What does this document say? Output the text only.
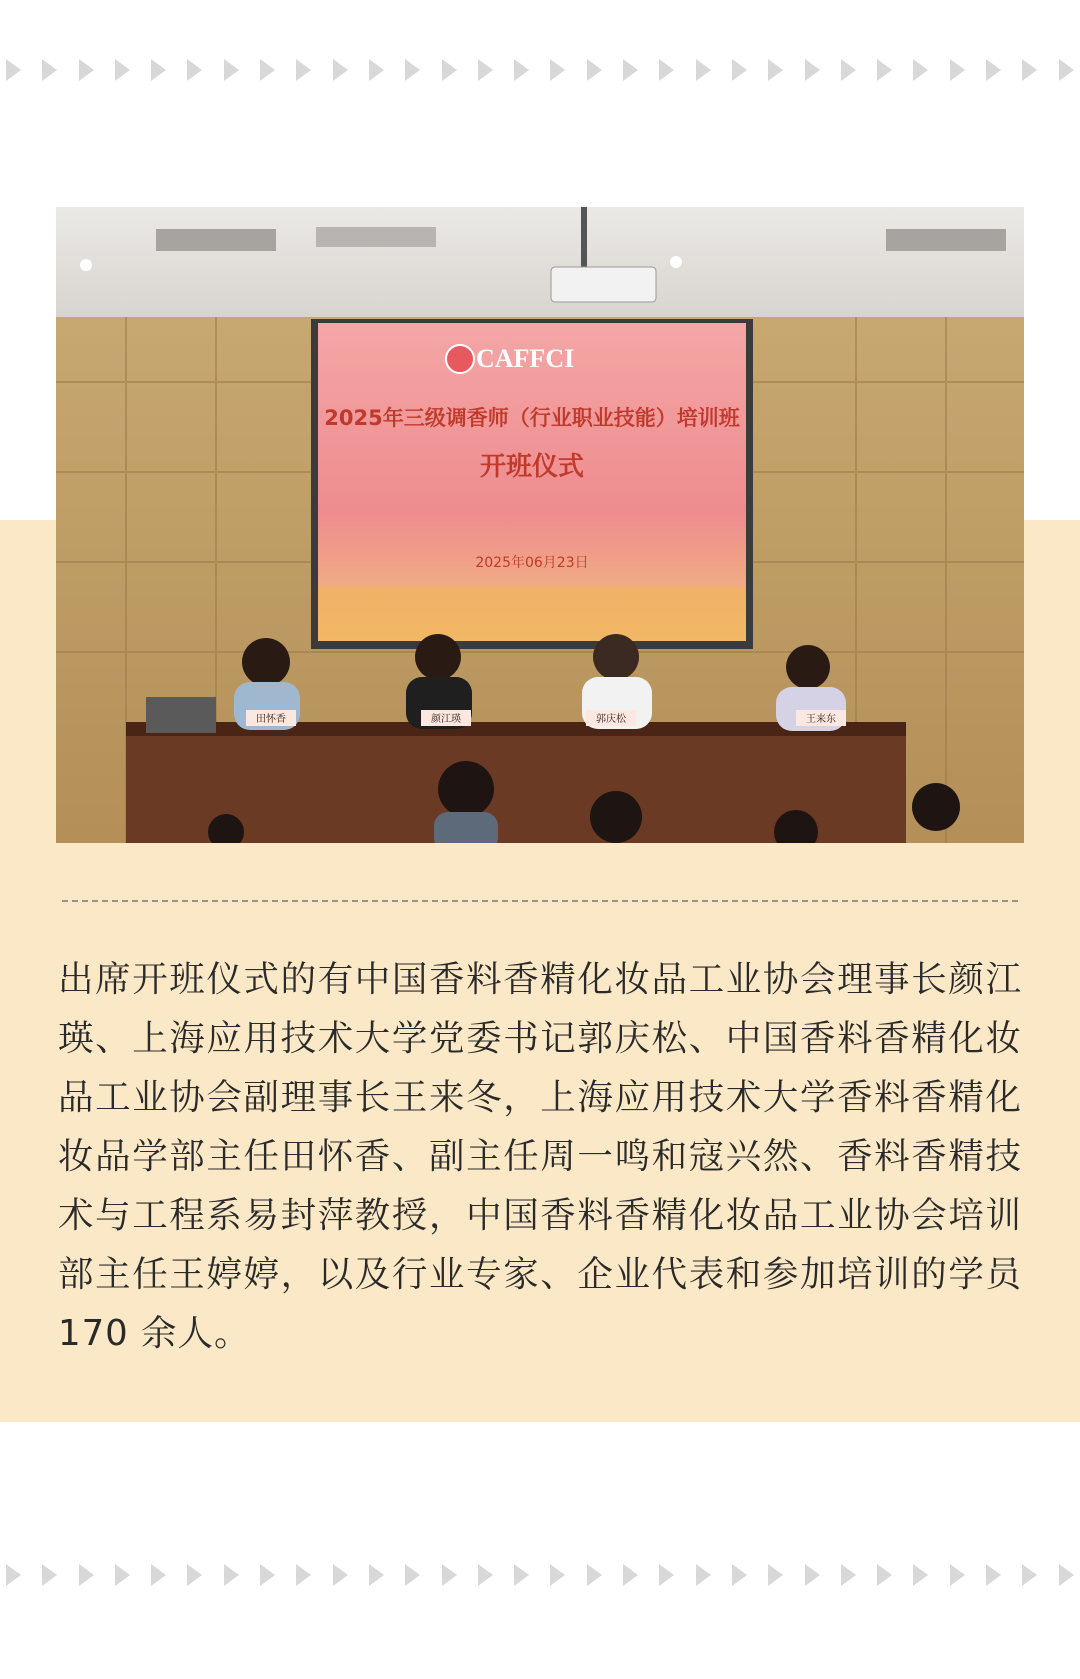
CAFFCI
2025年三级调香师（行业职业技能）培训班
开班仪式
2025年06月23日
田怀香	颜江瑛	郭庆松	王来东

出席开班仪式的有中国香料香精化妆品工业协会理事长颜江瑛、上海应用技术大学党委书记郭庆松、中国香料香精化妆品工业协会副理事长王来冬，上海应用技术大学香料香精化妆品学部主任田怀香、副主任周一鸣和寇兴然、香料香精技术与工程系易封萍教授，中国香料香精化妆品工业协会培训部主任王婷婷，以及行业专家、企业代表和参加培训的学员 170 余人。
